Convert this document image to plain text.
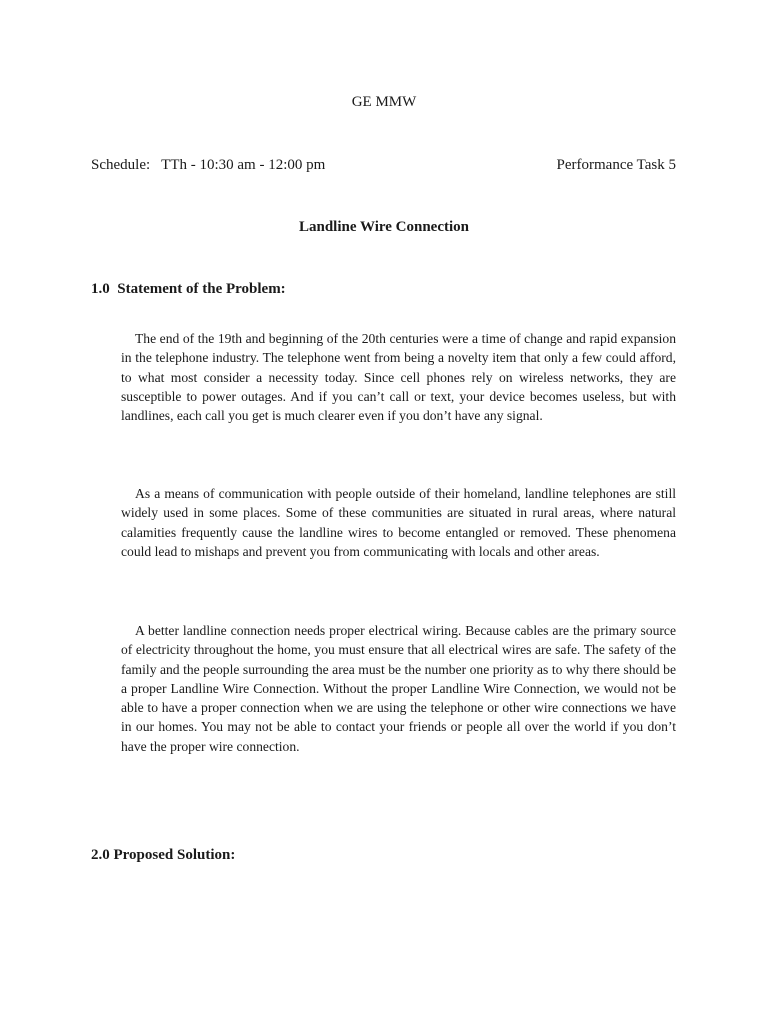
GE MMW
Schedule:   TTh - 10:30 am - 12:00 pm	Performance Task 5
Landline Wire Connection
1.0  Statement of the Problem:

The end of the 19th and beginning of the 20th centuries were a time of change and rapid expansion in the telephone industry. The telephone went from being a novelty item that only a few could afford, to what most consider a necessity today. Since cell phones rely on wireless networks, they are susceptible to power outages. And if you can’t call or text, your device becomes useless, but with landlines, each call you get is much clearer even if you don’t have any signal.

As a means of communication with people outside of their homeland, landline telephones are still widely used in some places. Some of these communities are situated in rural areas, where natural calamities frequently cause the landline wires to become entangled or removed. These phenomena could lead to mishaps and prevent you from communicating with locals and other areas.

A better landline connection needs proper electrical wiring. Because cables are the primary source of electricity throughout the home, you must ensure that all electrical wires are safe. The safety of the family and the people surrounding the area must be the number one priority as to why there should be a proper Landline Wire Connection. Without the proper Landline Wire Connection, we would not be able to have a proper connection when we are using the telephone or other wire connections we have in our homes. You may not be able to contact your friends or people all over the world if you don’t have the proper wire connection.

2.0 Proposed Solution:
